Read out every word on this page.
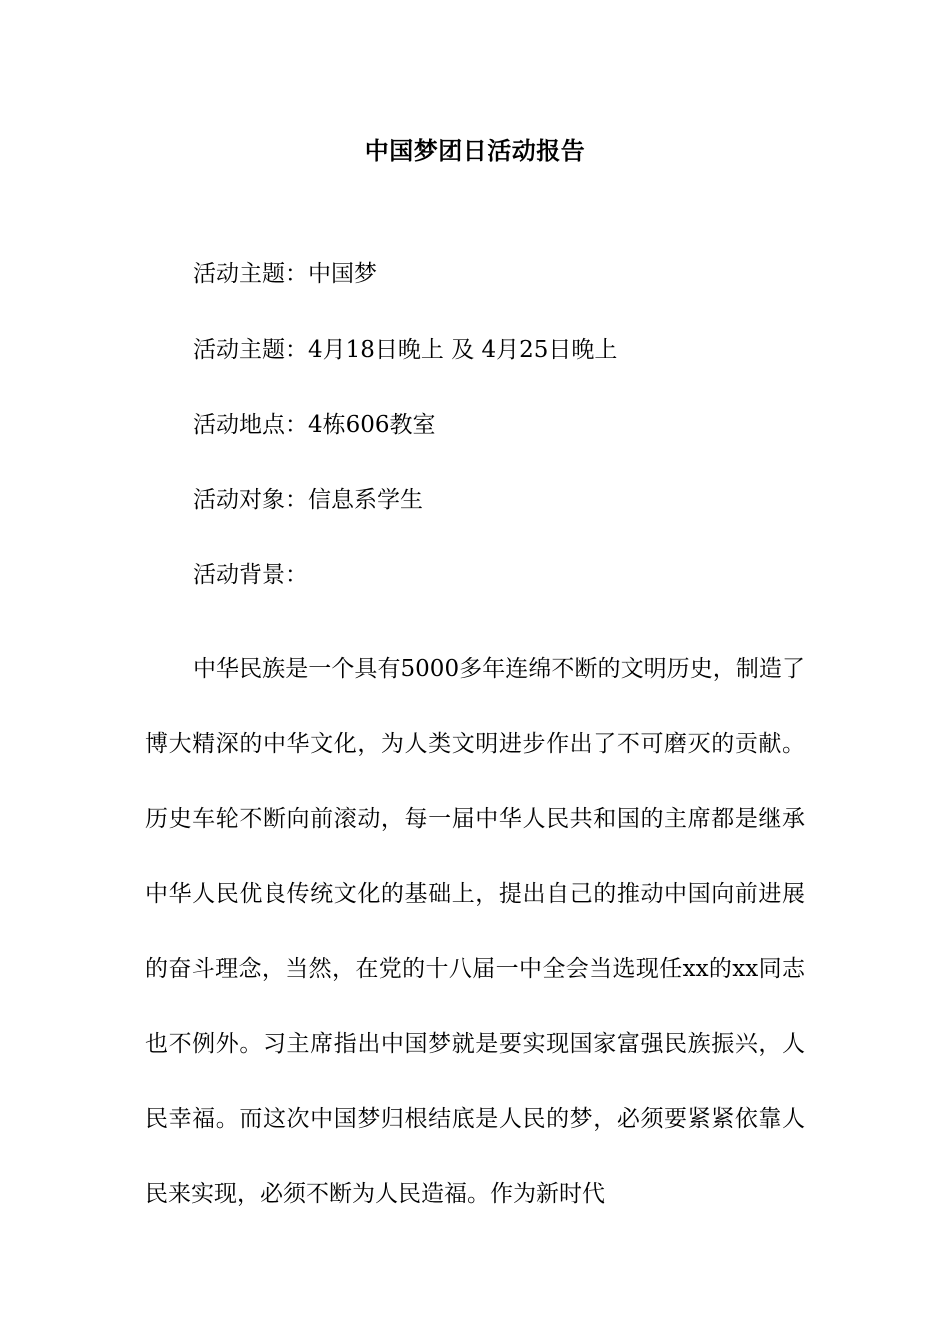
中国梦团日活动报告
活动主题：中国梦
活动主题：4月18日晚上 及 4月25日晚上
活动地点：4栋606教室
活动对象：信息系学生
活动背景：

中华民族是一个具有5000多年连绵不断的文明历史，制造了博大精深的中华文化，为人类文明进步作出了不可磨灭的贡献。历史车轮不断向前滚动，每一届中华人民共和国的主席都是继承中华人民优良传统文化的基础上，提出自己的推动中国向前进展的奋斗理念，当然，在党的十八届一中全会当选现任xx的xx同志也不例外。习主席指出中国梦就是要实现国家富强民族振兴，人民幸福。而这次中国梦归根结底是人民的梦，必须要紧紧依靠人民来实现，必须不断为人民造福。作为新时代
